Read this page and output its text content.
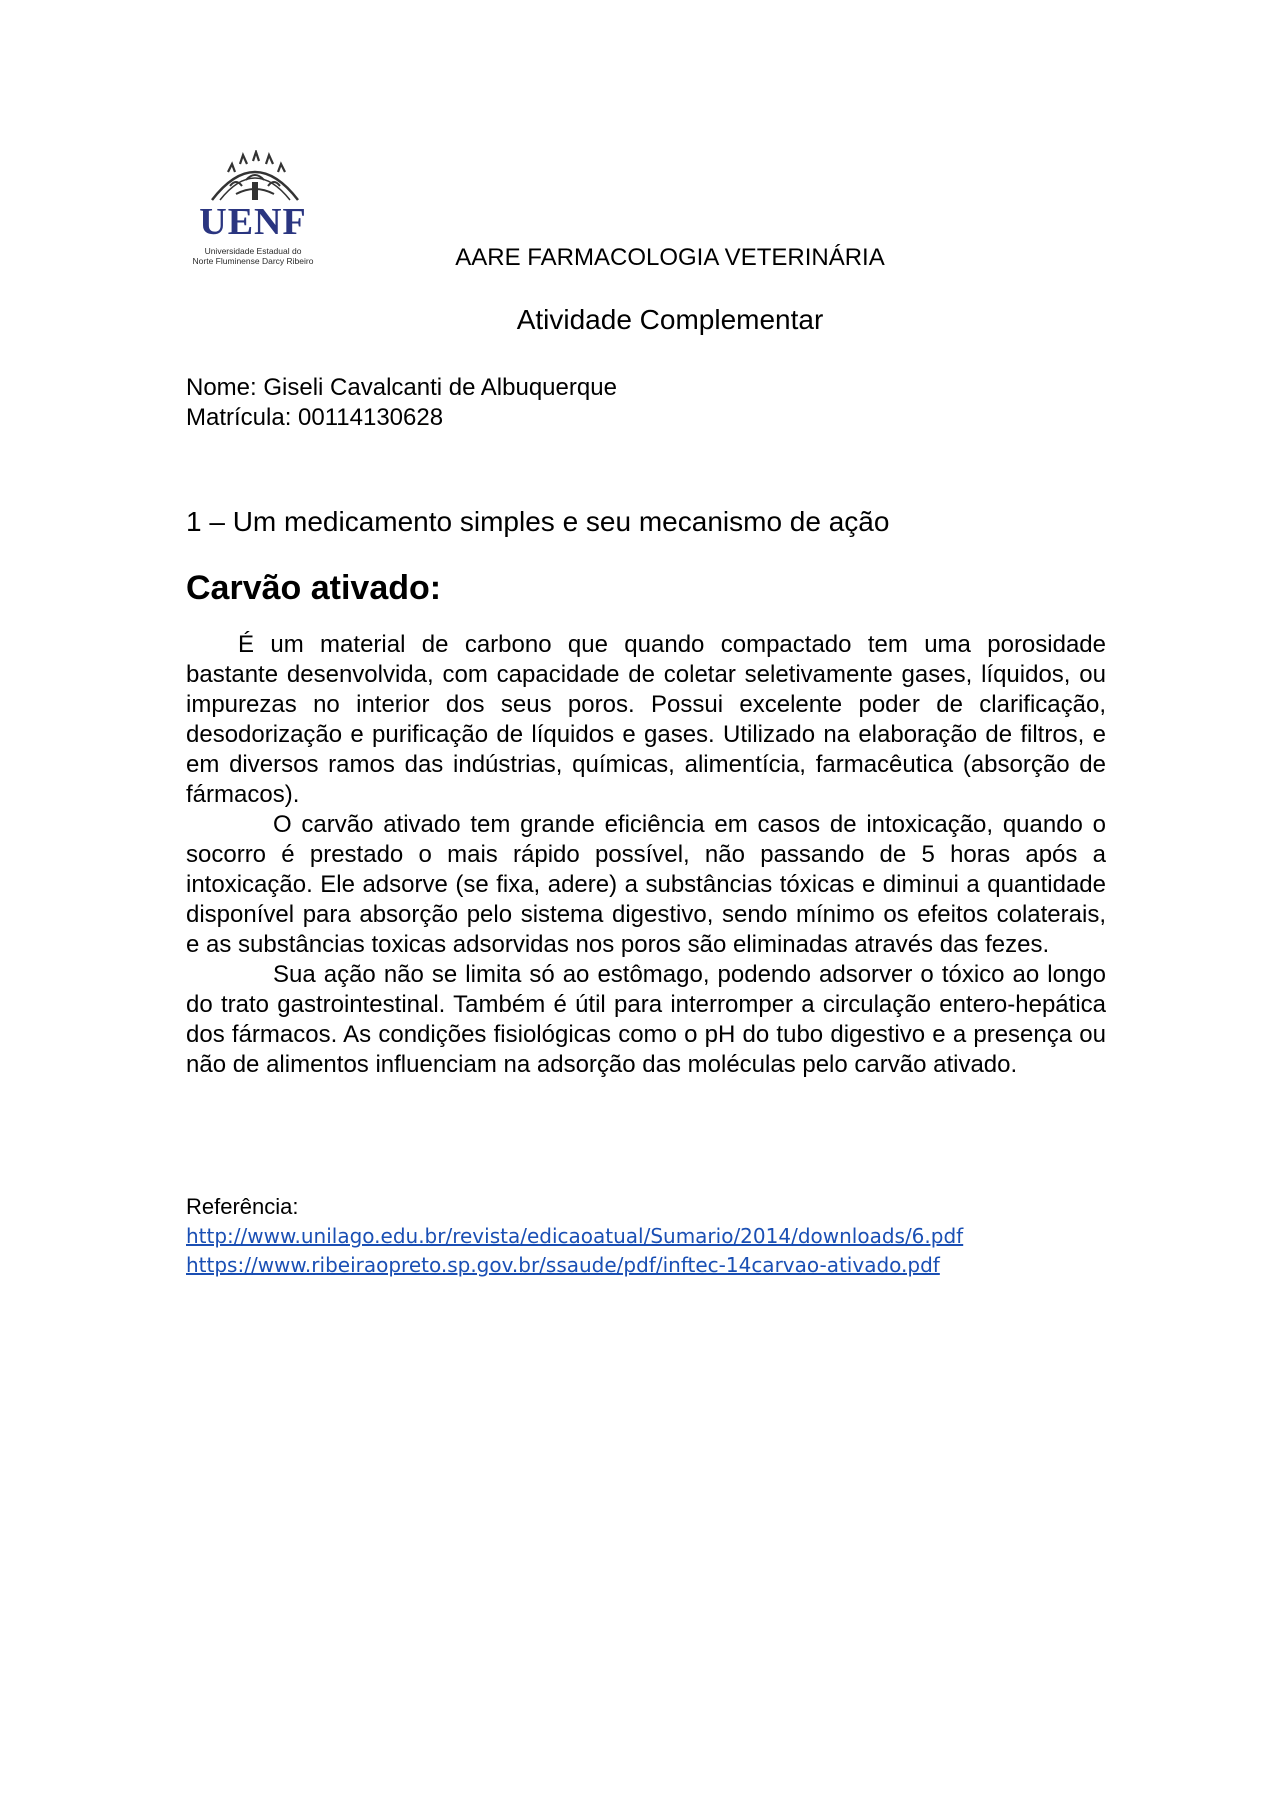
UENF
Universidade Estadual do
Norte Fluminense Darcy Ribeiro	AARE FARMACOLOGIA VETERINÁRIA
Atividade Complementar
Nome: Giseli Cavalcanti de Albuquerque
Matrícula: 00114130628
1 – Um medicamento simples e seu mecanismo de ação
Carvão ativado:

É um material de carbono que quando compactado tem uma porosidade bastante desenvolvida, com capacidade de coletar seletivamente gases, líquidos, ou impurezas no interior dos seus poros. Possui excelente poder de clarificação, desodorização e purificação de líquidos e gases. Utilizado na elaboração de filtros, e em diversos ramos das indústrias, químicas, alimentícia, farmacêutica (absorção de fármacos).

O carvão ativado tem grande eficiência em casos de intoxicação, quando o socorro é prestado o mais rápido possível, não passando de 5 horas após a intoxicação. Ele adsorve (se fixa, adere) a substâncias tóxicas e diminui a quantidade disponível para absorção pelo sistema digestivo, sendo mínimo os efeitos colaterais, e as substâncias toxicas adsorvidas nos poros são eliminadas através das fezes.

Sua ação não se limita só ao estômago, podendo adsorver o tóxico ao longo do trato gastrointestinal. Também é útil para interromper a circulação entero-hepática dos fármacos. As condições fisiológicas como o pH do tubo digestivo e a presença ou não de alimentos influenciam na adsorção das moléculas pelo carvão ativado.

Referência:
http://www.unilago.edu.br/revista/edicaoatual/Sumario/2014/downloads/6.pdf
https://www.ribeiraopreto.sp.gov.br/ssaude/pdf/inftec-14carvao-ativado.pdf
